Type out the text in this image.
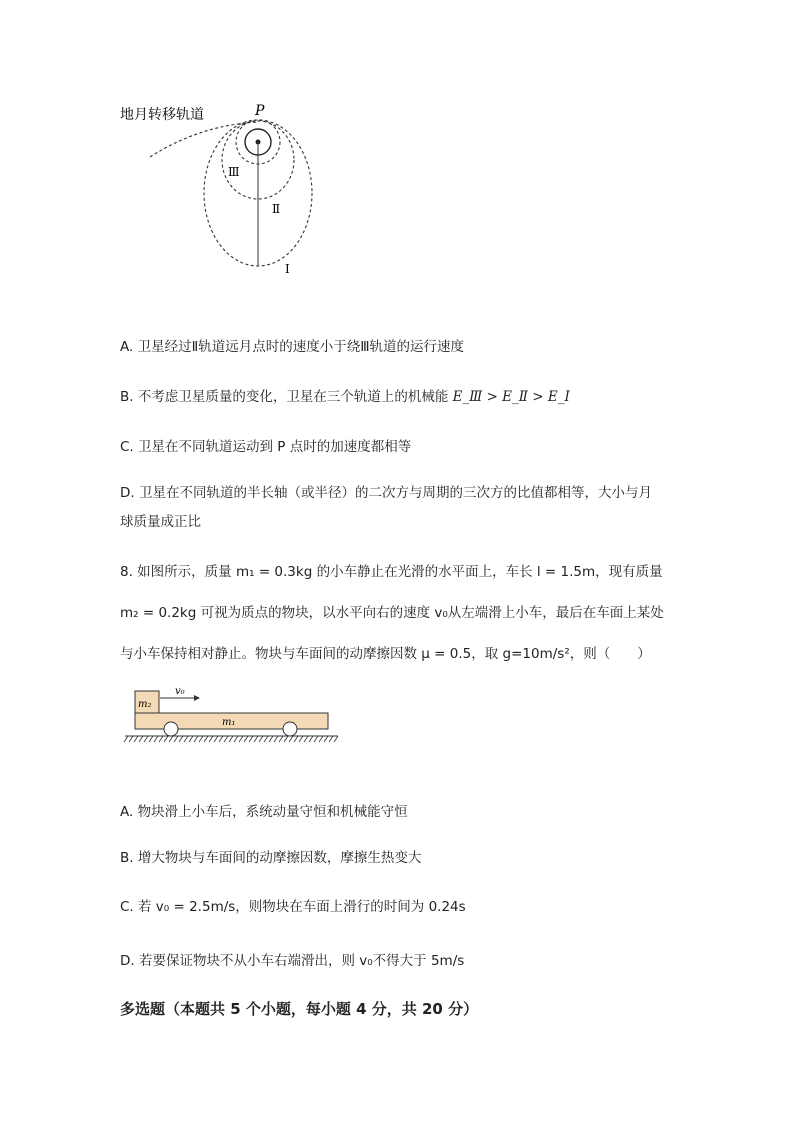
地月转移轨道	P
Ⅲ
Ⅱ
I
A. 卫星经过Ⅱ轨道远月点时的速度小于绕Ⅲ轨道的运行速度
B. 不考虑卫星质量的变化，卫星在三个轨道上的机械能 E_Ⅲ > E_Ⅱ > E_I
C. 卫星在不同轨道运动到 P 点时的加速度都相等
D. 卫星在不同轨道的半长轴（或半径）的二次方与周期的三次方的比值都相等，大小与月
球质量成正比
8. 如图所示，质量 m₁ = 0.3kg 的小车静止在光滑的水平面上，车长 l = 1.5m，现有质量
m₂ = 0.2kg 可视为质点的物块，以水平向右的速度 v₀从左端滑上小车，最后在车面上某处
与小车保持相对静止。物块与车面间的动摩擦因数 μ = 0.5，取 g=10m/s²，则（　　）
m₂
v₀
m₁
A. 物块滑上小车后，系统动量守恒和机械能守恒
B. 增大物块与车面间的动摩擦因数，摩擦生热变大
C. 若 v₀ = 2.5m/s，则物块在车面上滑行的时间为 0.24s
D. 若要保证物块不从小车右端滑出，则 v₀不得大于 5m/s
多选题（本题共 5 个小题，每小题 4 分，共 20 分）
